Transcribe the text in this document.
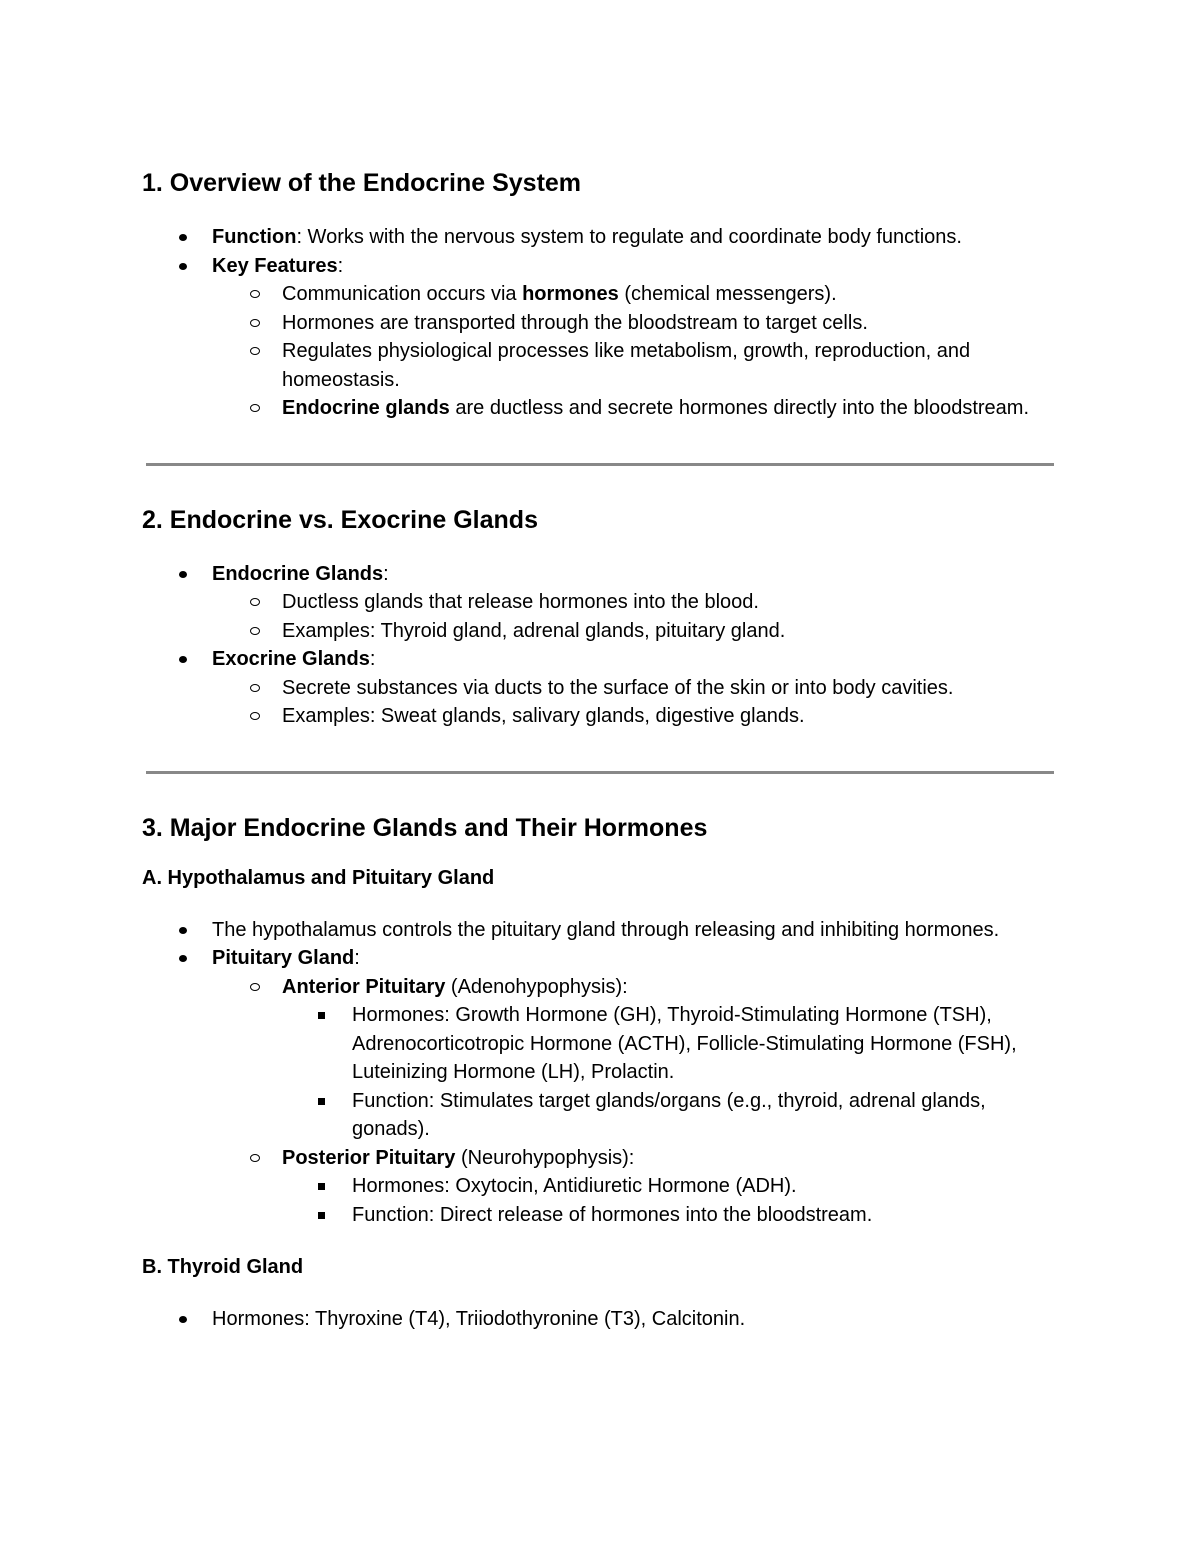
1. Overview of the Endocrine System
Function: Works with the nervous system to regulate and coordinate body functions.
Key Features:
Communication occurs via hormones (chemical messengers).
Hormones are transported through the bloodstream to target cells.
Regulates physiological processes like metabolism, growth, reproduction, and homeostasis.
Endocrine glands are ductless and secrete hormones directly into the bloodstream.
2. Endocrine vs. Exocrine Glands
Endocrine Glands:
Ductless glands that release hormones into the blood.
Examples: Thyroid gland, adrenal glands, pituitary gland.
Exocrine Glands:
Secrete substances via ducts to the surface of the skin or into body cavities.
Examples: Sweat glands, salivary glands, digestive glands.
3. Major Endocrine Glands and Their Hormones
A. Hypothalamus and Pituitary Gland
The hypothalamus controls the pituitary gland through releasing and inhibiting hormones.
Pituitary Gland:
Anterior Pituitary (Adenohypophysis):
Hormones: Growth Hormone (GH), Thyroid-Stimulating Hormone (TSH), Adrenocorticotropic Hormone (ACTH), Follicle-Stimulating Hormone (FSH), Luteinizing Hormone (LH), Prolactin.
Function: Stimulates target glands/organs (e.g., thyroid, adrenal glands, gonads).
Posterior Pituitary (Neurohypophysis):
Hormones: Oxytocin, Antidiuretic Hormone (ADH).
Function: Direct release of hormones into the bloodstream.
B. Thyroid Gland
Hormones: Thyroxine (T4), Triiodothyronine (T3), Calcitonin.
